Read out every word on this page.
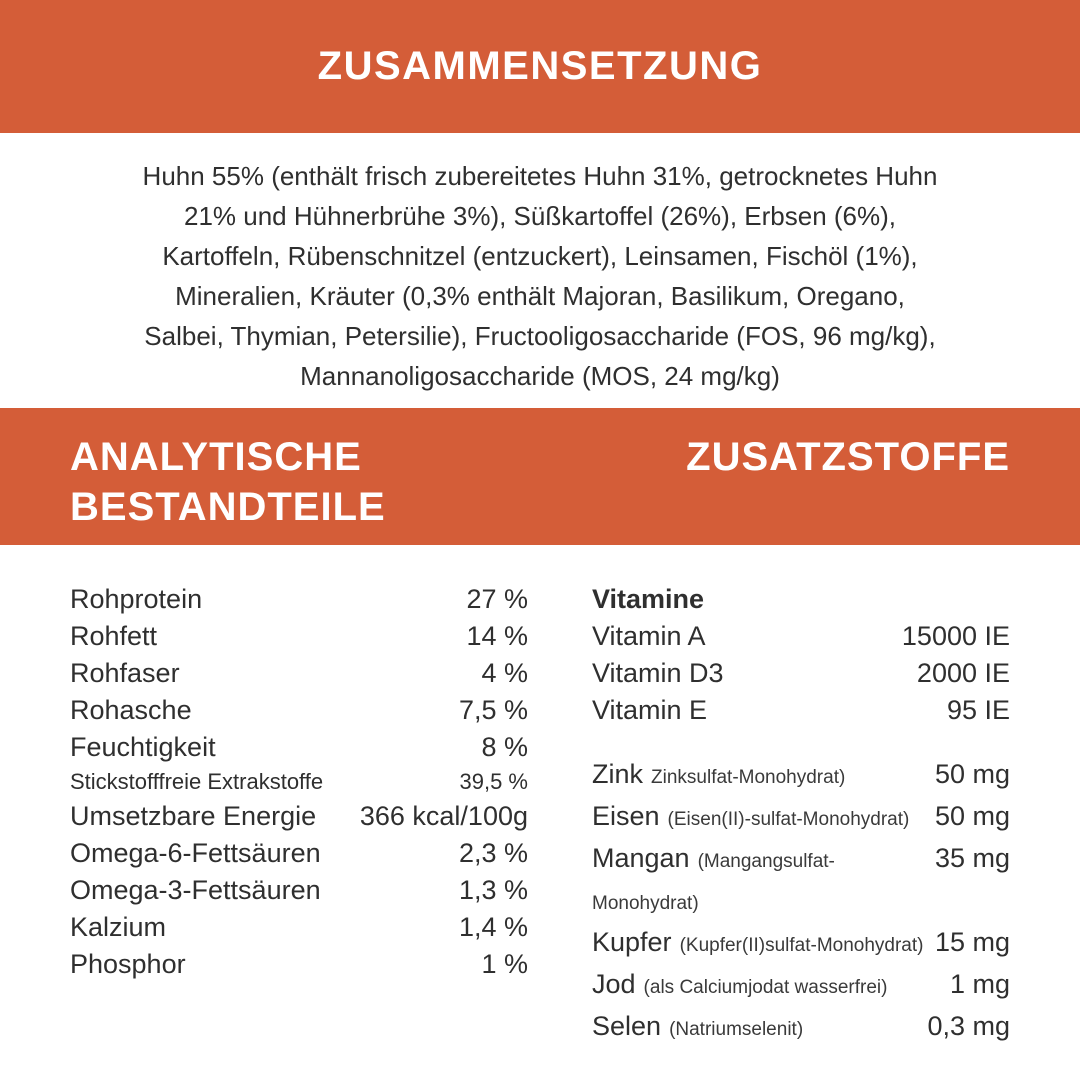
ZUSAMMENSETZUNG
Huhn 55% (enthält frisch zubereitetes Huhn 31%, getrocknetes Huhn
21% und Hühnerbrühe 3%), Süßkartoffel (26%), Erbsen (6%),
Kartoffeln, Rübenschnitzel (entzuckert), Leinsamen, Fischöl (1%),
Mineralien, Kräuter (0,3% enthält Majoran, Basilikum, Oregano,
Salbei, Thymian, Petersilie), Fructooligosaccharide (FOS, 96 mg/kg),
Mannanoligosaccharide (MOS, 24 mg/kg)
ANALYTISCHE BESTANDTEILE
ZUSATZSTOFFE
Rohprotein	27 %
Rohfett	14 %
Rohfaser	4 %
Rohasche	7,5 %
Feuchtigkeit	8 %
Stickstofffreie Extrakstoffe	39,5 %
Umsetzbare Energie 366 kcal/100g
Omega-6-Fettsäuren	2,3 %
Omega-3-Fettsäuren	1,3 %
Kalzium	1,4 %
Phosphor	1 %
Vitamine
Vitamin A	15000 IE
Vitamin D3	2000 IE
Vitamin E	95 IE
Zink Zinksulfat-Monohydrat)	50 mg
Eisen (Eisen(II)-sulfat-Monohydrat) 50 mg
Mangan (Mangangsulfat-Monohydrat)
35 mg
Kupfer (Kupfer(II)sulfat-Monohydrat) 15 mg
Jod (als Calciumjodat wasserfrei) 1 mg
Selen (Natriumselenit)	0,3 mg
